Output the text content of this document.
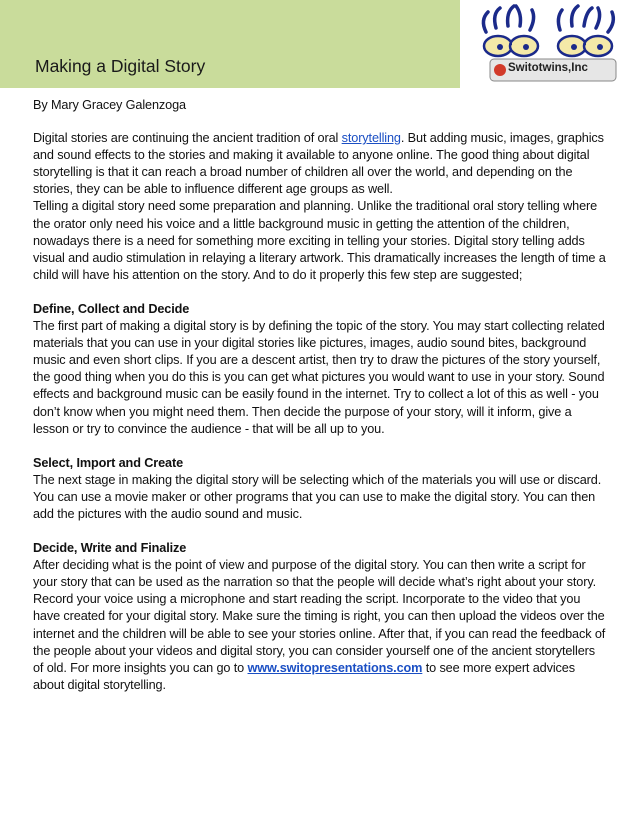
Making a Digital Story	Switotwins,Inc

By Mary Gracey Galenzoga

Digital stories are continuing the ancient tradition of oral storytelling. But adding music, images, graphics and sound effects to the stories and making it available to anyone online. The good thing about digital storytelling is that it can reach a broad number of children all over the world, and depending on the stories, they can be able to influence different age groups as well.

Telling a digital story need some preparation and planning. Unlike the traditional oral story telling where the orator only need his voice and a little background music in getting the attention of the children, nowadays there is a need for something more exciting in telling your stories. Digital story telling adds visual and audio stimulation in relaying a literary artwork. This dramatically increases the length of time a child will have his attention on the story. And to do it properly this few step are suggested;

Define, Collect and Decide

The first part of making a digital story is by defining the topic of the story. You may start collecting related materials that you can use in your digital stories like pictures, images, audio sound bites, background music and even short clips. If you are a descent artist, then try to draw the pictures of the story yourself, the good thing when you do this is you can get what pictures you would want to use in your story. Sound effects and background music can be easily found in the internet. Try to collect a lot of this as well - you don’t know when you might need them. Then decide the purpose of your story, will it inform, give a lesson or try to convince the audience - that will be all up to you.

Select, Import and Create

The next stage in making the digital story will be selecting which of the materials you will use or discard. You can use a movie maker or other programs that you can use to make the digital story. You can then add the pictures with the audio sound and music.

Decide, Write and Finalize

After deciding what is the point of view and purpose of the digital story. You can then write a script for your story that can be used as the narration so that the people will decide what’s right about your story. Record your voice using a microphone and start reading the script. Incorporate to the video that you have created for your digital story. Make sure the timing is right, you can then upload the videos over the internet and the children will be able to see your stories online. After that, if you can read the feedback of the people about your videos and digital story, you can consider yourself one of the ancient storytellers of old. For more insights you can go to www.switopresentations.com to see more expert advices about digital storytelling.
